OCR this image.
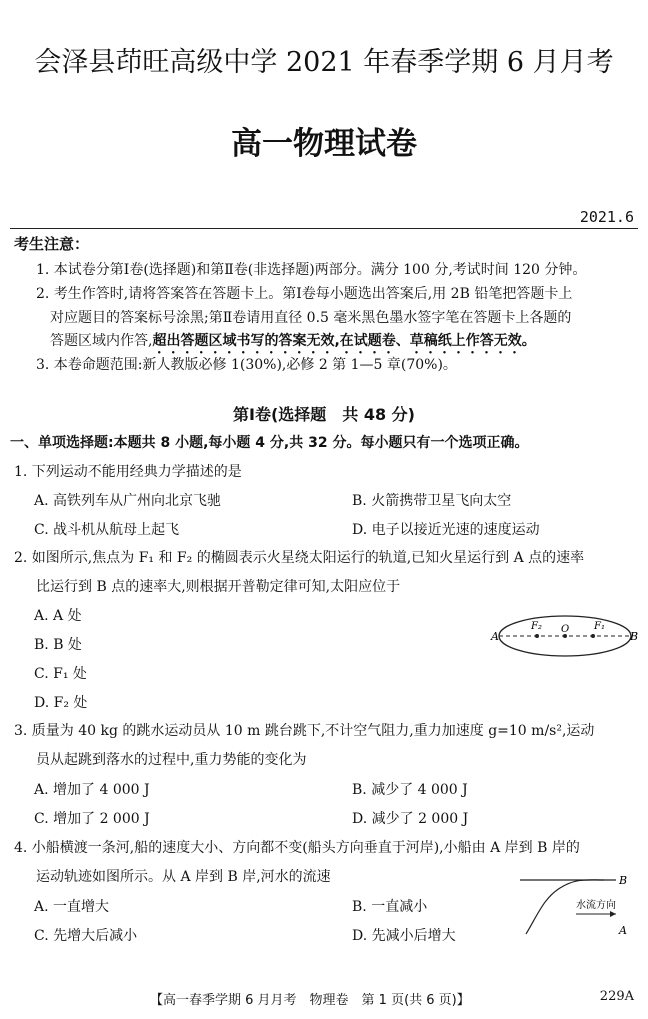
会泽县茚旺高级中学 2021 年春季学期 6 月月考
高一物理试卷
2021.6
考生注意：
1. 本试卷分第Ⅰ卷(选择题)和第Ⅱ卷(非选择题)两部分。满分 100 分,考试时间 120 分钟。
2. 考生作答时,请将答案答在答题卡上。第Ⅰ卷每小题选出答案后,用 2B 铅笔把答题卡上
对应题目的答案标号涂黑;第Ⅱ卷请用直径 0.5 毫米黑色墨水签字笔在答题卡上各题的
答题区域内作答,超出答题区域书写的答案无效,在试题卷、草稿纸上作答无效。
3. 本卷命题范围:新人教版必修 1(30%),必修 2 第 1—5 章(70%)。
第Ⅰ卷(选择题　共 48 分)
一、单项选择题:本题共 8 小题,每小题 4 分,共 32 分。每小题只有一个选项正确。
1. 下列运动不能用经典力学描述的是
A. 高铁列车从广州向北京飞驰	B. 火箭携带卫星飞向太空
C. 战斗机从航母上起飞	D. 电子以接近光速的速度运动
2. 如图所示,焦点为 F₁ 和 F₂ 的椭圆表示火星绕太阳运行的轨道,已知火星运行到 A 点的速率
比运行到 B 点的速率大,则根据开普勒定律可知,太阳应位于
A. A 处
B. B 处
C. F₁ 处
D. F₂ 处
A
F₂ O F₁
B
3. 质量为 40 kg 的跳水运动员从 10 m 跳台跳下,不计空气阻力,重力加速度 g=10 m/s²,运动
员从起跳到落水的过程中,重力势能的变化为
A. 增加了 4 000 J	B. 减少了 4 000 J
C. 增加了 2 000 J	D. 减少了 2 000 J
4. 小船横渡一条河,船的速度大小、方向都不变(船头方向垂直于河岸),小船由 A 岸到 B 岸的
运动轨迹如图所示。从 A 岸到 B 岸,河水的流速
A. 一直增大	B. 一直减小
C. 先增大后减小	D. 先减小后增大
B
水流方向
A
【高一春季学期 6 月月考　物理卷　第 1 页(共 6 页)】	229A
